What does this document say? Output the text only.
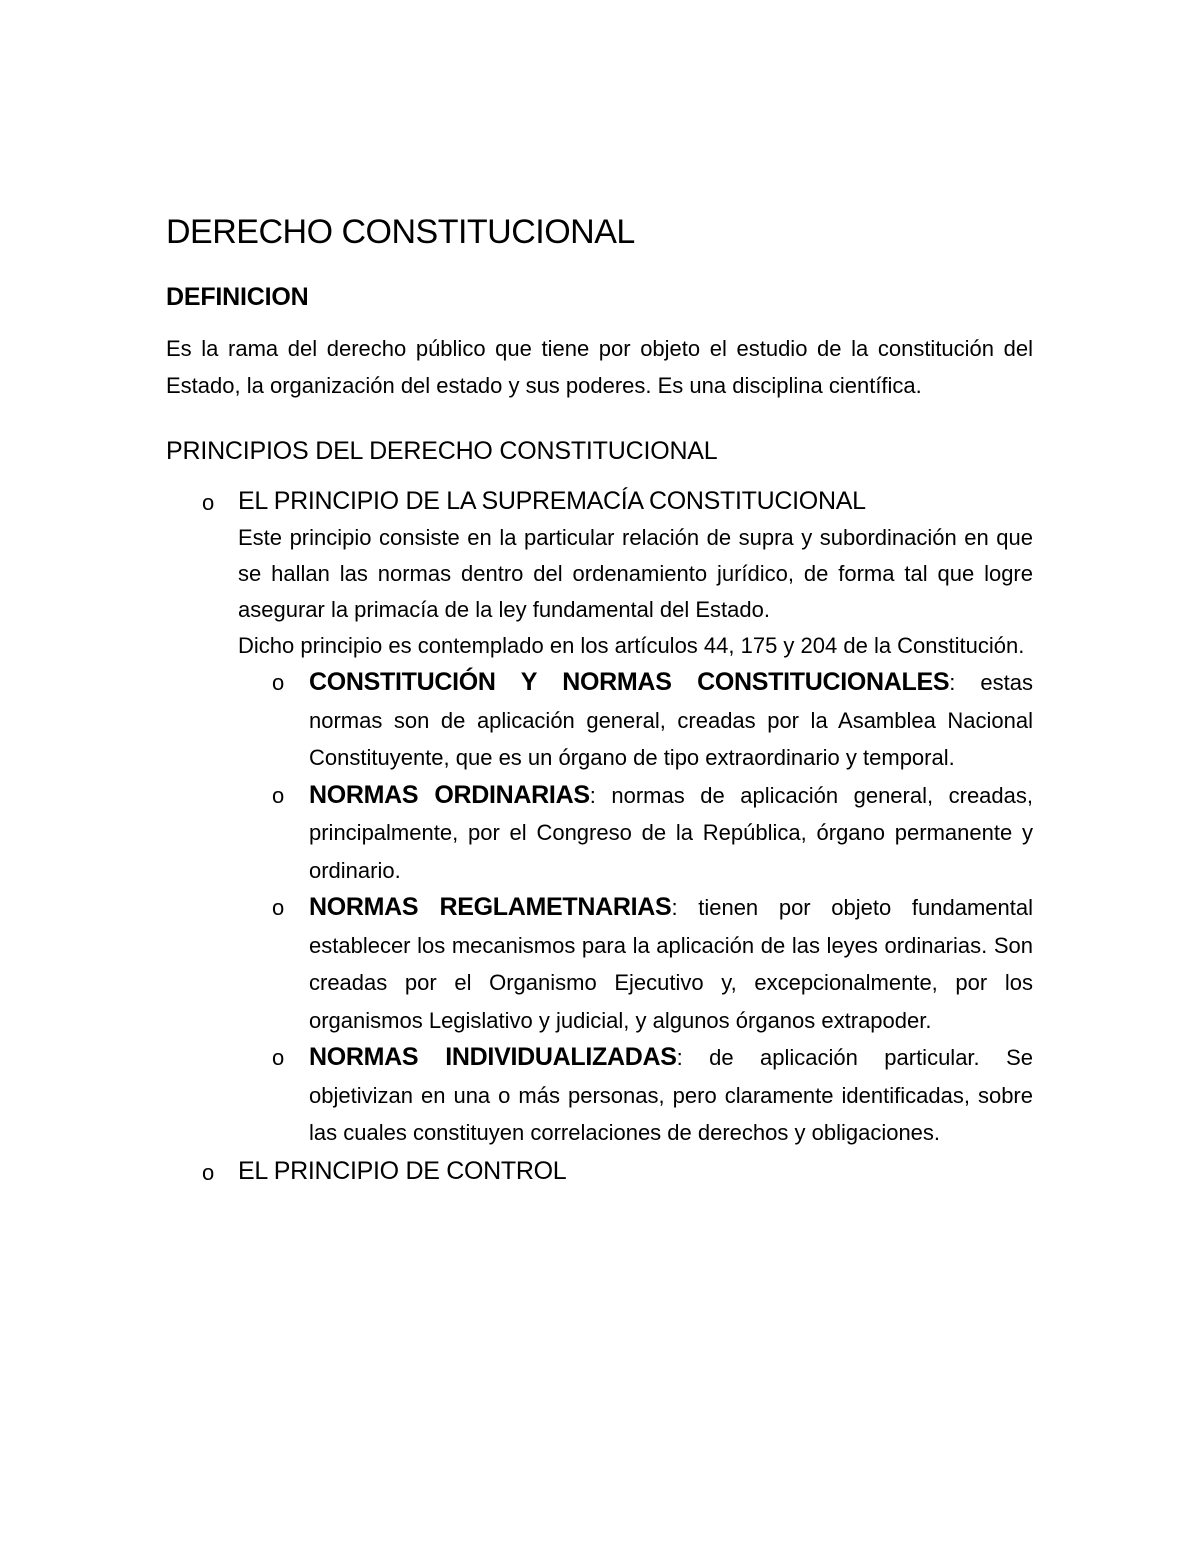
DERECHO CONSTITUCIONAL
DEFINICION

Es la rama del derecho público que tiene por objeto el estudio de la constitución del Estado, la organización del estado y sus poderes. Es una disciplina científica.

PRINCIPIOS DEL DERECHO CONSTITUCIONAL
o EL PRINCIPIO DE LA SUPREMACÍA CONSTITUCIONAL

Este principio consiste en la particular relación de supra y subordinación en que se hallan las normas dentro del ordenamiento jurídico, de forma tal que logre asegurar la primacía de la ley fundamental del Estado.

Dicho principio es contemplado en los artículos 44, 175 y 204 de la Constitución.

o CONSTITUCIÓN Y NORMAS CONSTITUCIONALES: estas normas son de aplicación general, creadas por la Asamblea Nacional Constituyente, que es un órgano de tipo extraordinario y temporal.

o NORMAS ORDINARIAS: normas de aplicación general, creadas, principalmente, por el Congreso de la República, órgano permanente y ordinario.

o NORMAS REGLAMETNARIAS: tienen por objeto fundamental establecer los mecanismos para la aplicación de las leyes ordinarias. Son creadas por el Organismo Ejecutivo y, excepcionalmente, por los organismos Legislativo y judicial, y algunos órganos extrapoder.

o NORMAS INDIVIDUALIZADAS: de aplicación particular. Se objetivizan en una o más personas, pero claramente identificadas, sobre las cuales constituyen correlaciones de derechos y obligaciones.

o EL PRINCIPIO DE CONTROL
